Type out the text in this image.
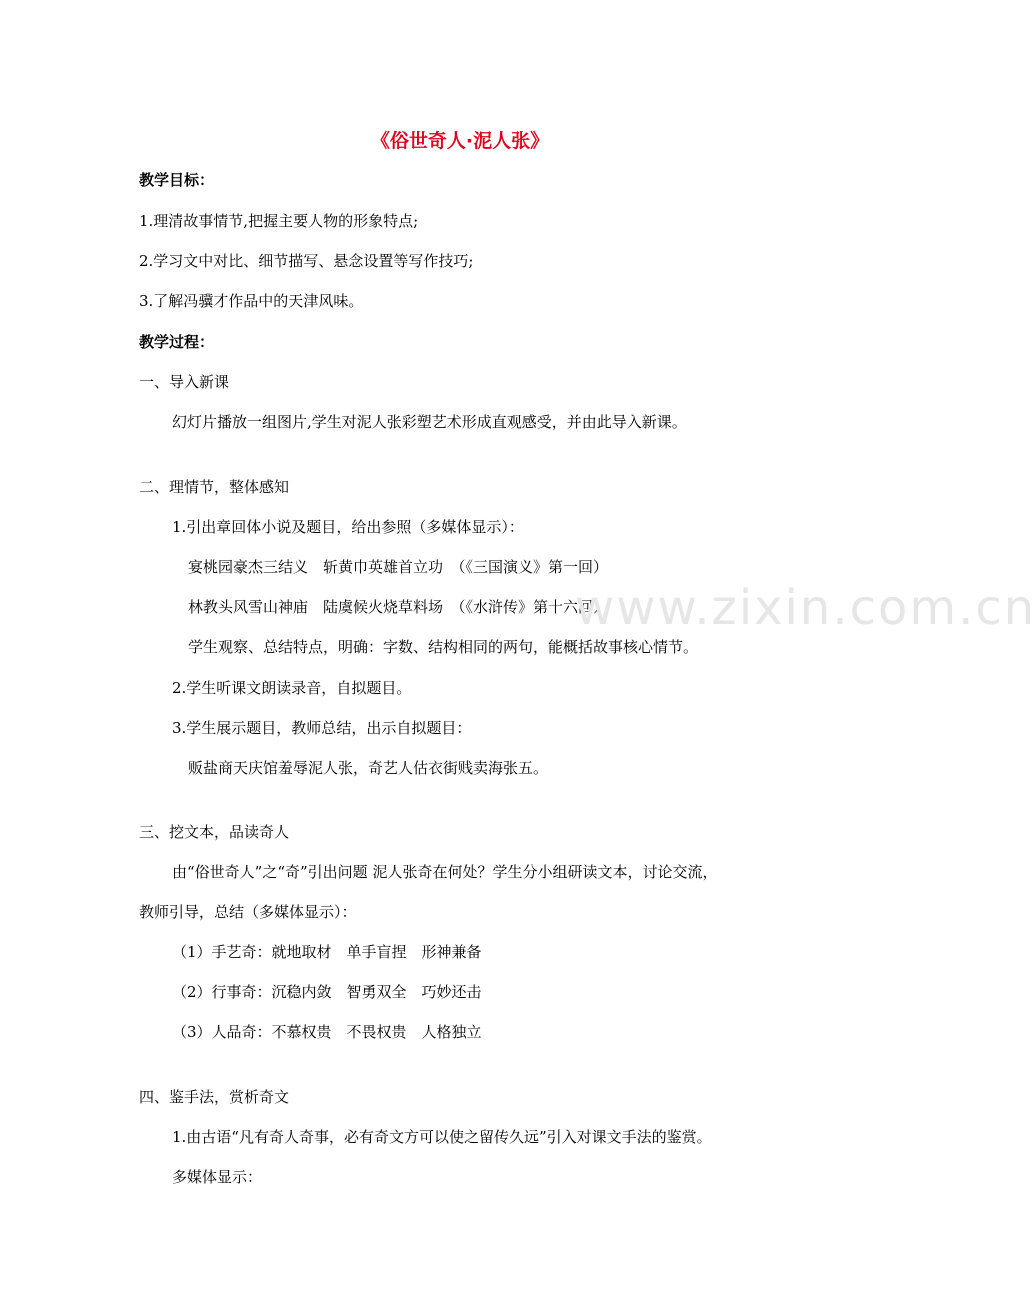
《俗世奇人·泥人张》
教学目标：
1.理清故事情节,把握主要人物的形象特点;
2.学习文中对比、细节描写、悬念设置等写作技巧;
3.了解冯骥才作品中的天津风味。
教学过程：
一、导入新课
幻灯片播放一组图片,学生对泥人张彩塑艺术形成直观感受，并由此导入新课。
二、理情节，整体感知
1.引出章回体小说及题目，给出参照（多媒体显示）：
宴桃园豪杰三结义　斩黄巾英雄首立功　（《三国演义》第一回）
林教头风雪山神庙　陆虞候火烧草料场　（《水浒传》第十六回）
学生观察、总结特点，明确：字数、结构相同的两句，能概括故事核心情节。
2.学生听课文朗读录音，自拟题目。
3.学生展示题目，教师总结，出示自拟题目：
贩盐商天庆馆羞辱泥人张，奇艺人估衣街贱卖海张五。
三、挖文本，品读奇人
由“俗世奇人”之“奇”引出问题 泥人张奇在何处？学生分小组研读文本，讨论交流，
教师引导，总结（多媒体显示）：
（1）手艺奇：就地取材　单手盲捏　形神兼备
（2）行事奇：沉稳内敛　智勇双全　巧妙还击
（3）人品奇：不慕权贵　不畏权贵　人格独立
四、鉴手法，赏析奇文
1.由古语“凡有奇人奇事，必有奇文方可以使之留传久远”引入对课文手法的鉴赏。
多媒体显示：
www.zixin.com.cn
